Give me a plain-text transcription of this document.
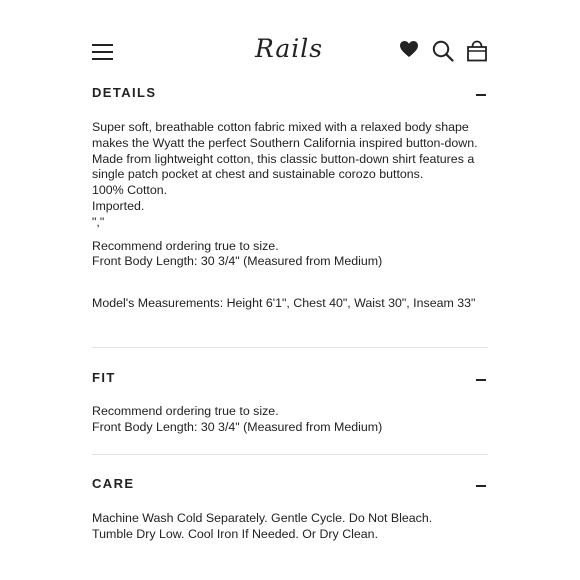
Rails
DETAILS

Super soft, breathable cotton fabric mixed with a relaxed body shape makes the Wyatt the perfect Southern California inspired button-down. Made from lightweight cotton, this classic button-down shirt features a single patch pocket at chest and sustainable corozo buttons.

100% Cotton.

Imported.

","

Recommend ordering true to size.

Front Body Length: 30 3/4" (Measured from Medium)

Model's Measurements: Height 6'1", Chest 40", Waist 30", Inseam 33"

FIT

Recommend ordering true to size.

Front Body Length: 30 3/4" (Measured from Medium)

CARE

Machine Wash Cold Separately. Gentle Cycle. Do Not Bleach.

Tumble Dry Low. Cool Iron If Needed. Or Dry Clean.
